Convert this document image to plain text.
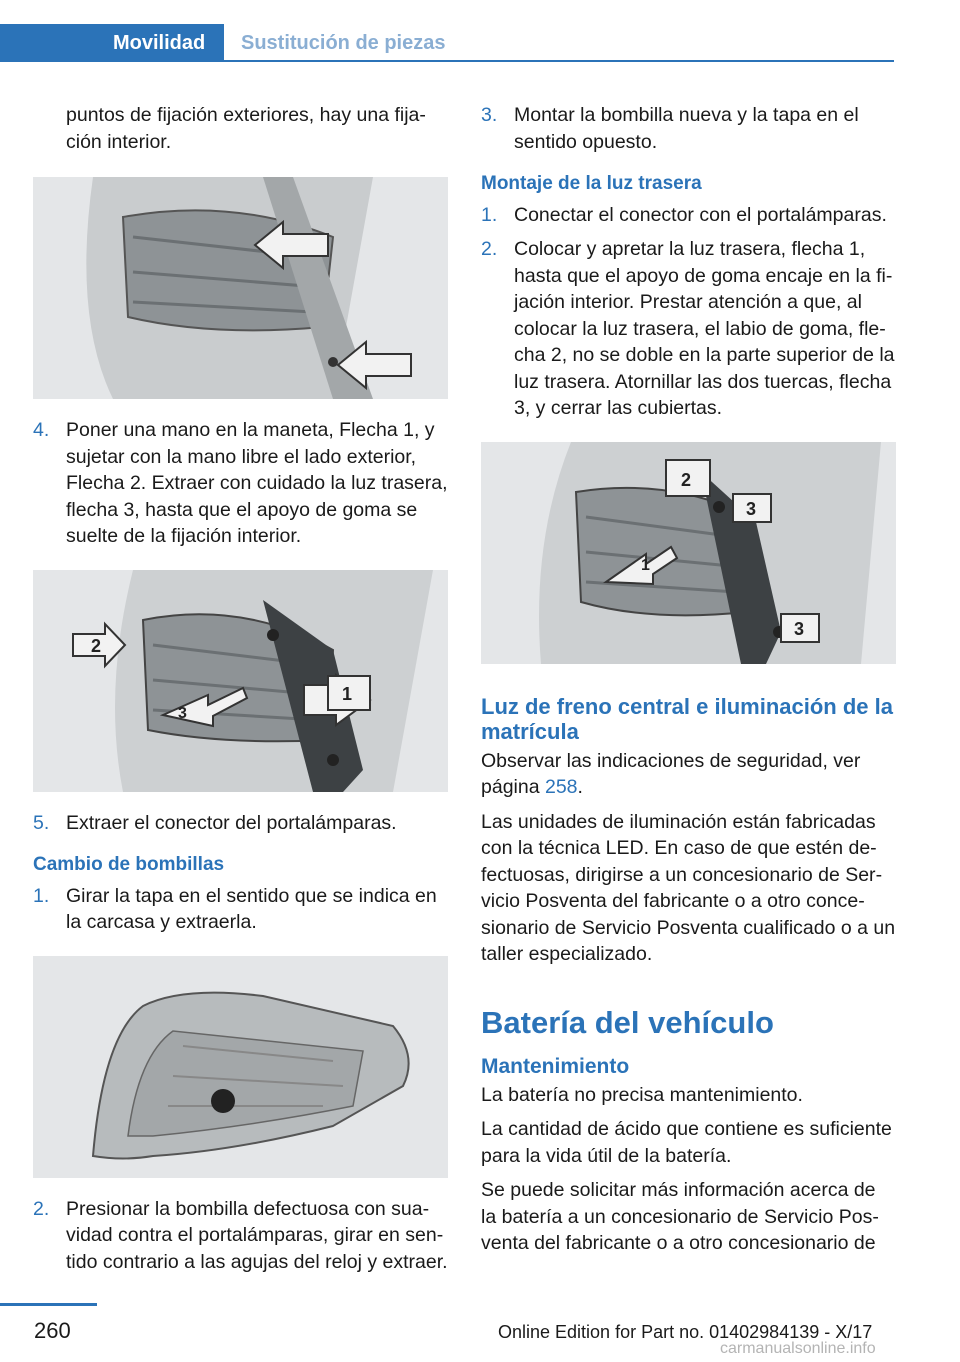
Movilidad	Sustitución de piezas

puntos de fijación exteriores, hay una fijación interior.

4. Poner una mano en la maneta, Flecha 1, y sujetar con la mano libre el lado exterior, Flecha 2. Extraer con cuidado la luz trasera, flecha 3, hasta que el apoyo de goma se suelte de la fijación interior.
2
1
3
5. Extraer el conector del portalámparas.
Cambio de bombillas
1. Girar la tapa en el sentido que se indica en la carcasa y extraerla.
2. Presionar la bombilla defectuosa con suavidad contra el portalámparas, girar en sentido contrario a las agujas del reloj y extraer.
3. Montar la bombilla nueva y la tapa en el sentido opuesto.
Montaje de la luz trasera
1. Conectar el conector con el portalámparas.
2. Colocar y apretar la luz trasera, flecha 1, hasta que el apoyo de goma encaje en la fijación interior. Prestar atención a que, al colocar la luz trasera, el labio de goma, flecha 2, no se doble en la parte superior de la luz trasera. Atornillar las dos tuercas, flecha 3, y cerrar las cubiertas.
2
3
3
1
Luz de freno central e iluminación de la matrícula

Observar las indicaciones de seguridad, ver página 258.

Las unidades de iluminación están fabricadas con la técnica LED. En caso de que estén defectuosas, dirigirse a un concesionario de Servicio Posventa del fabricante o a otro concesionario de Servicio Posventa cualificado o a un taller especializado.

Batería del vehículo
Mantenimiento

La batería no precisa mantenimiento.

La cantidad de ácido que contiene es suficiente para la vida útil de la batería.

Se puede solicitar más información acerca de la batería a un concesionario de Servicio Posventa del fabricante o a otro concesionario de

260	Online Edition for Part no. 01402984139 - X/17
carmanualsonline.info
